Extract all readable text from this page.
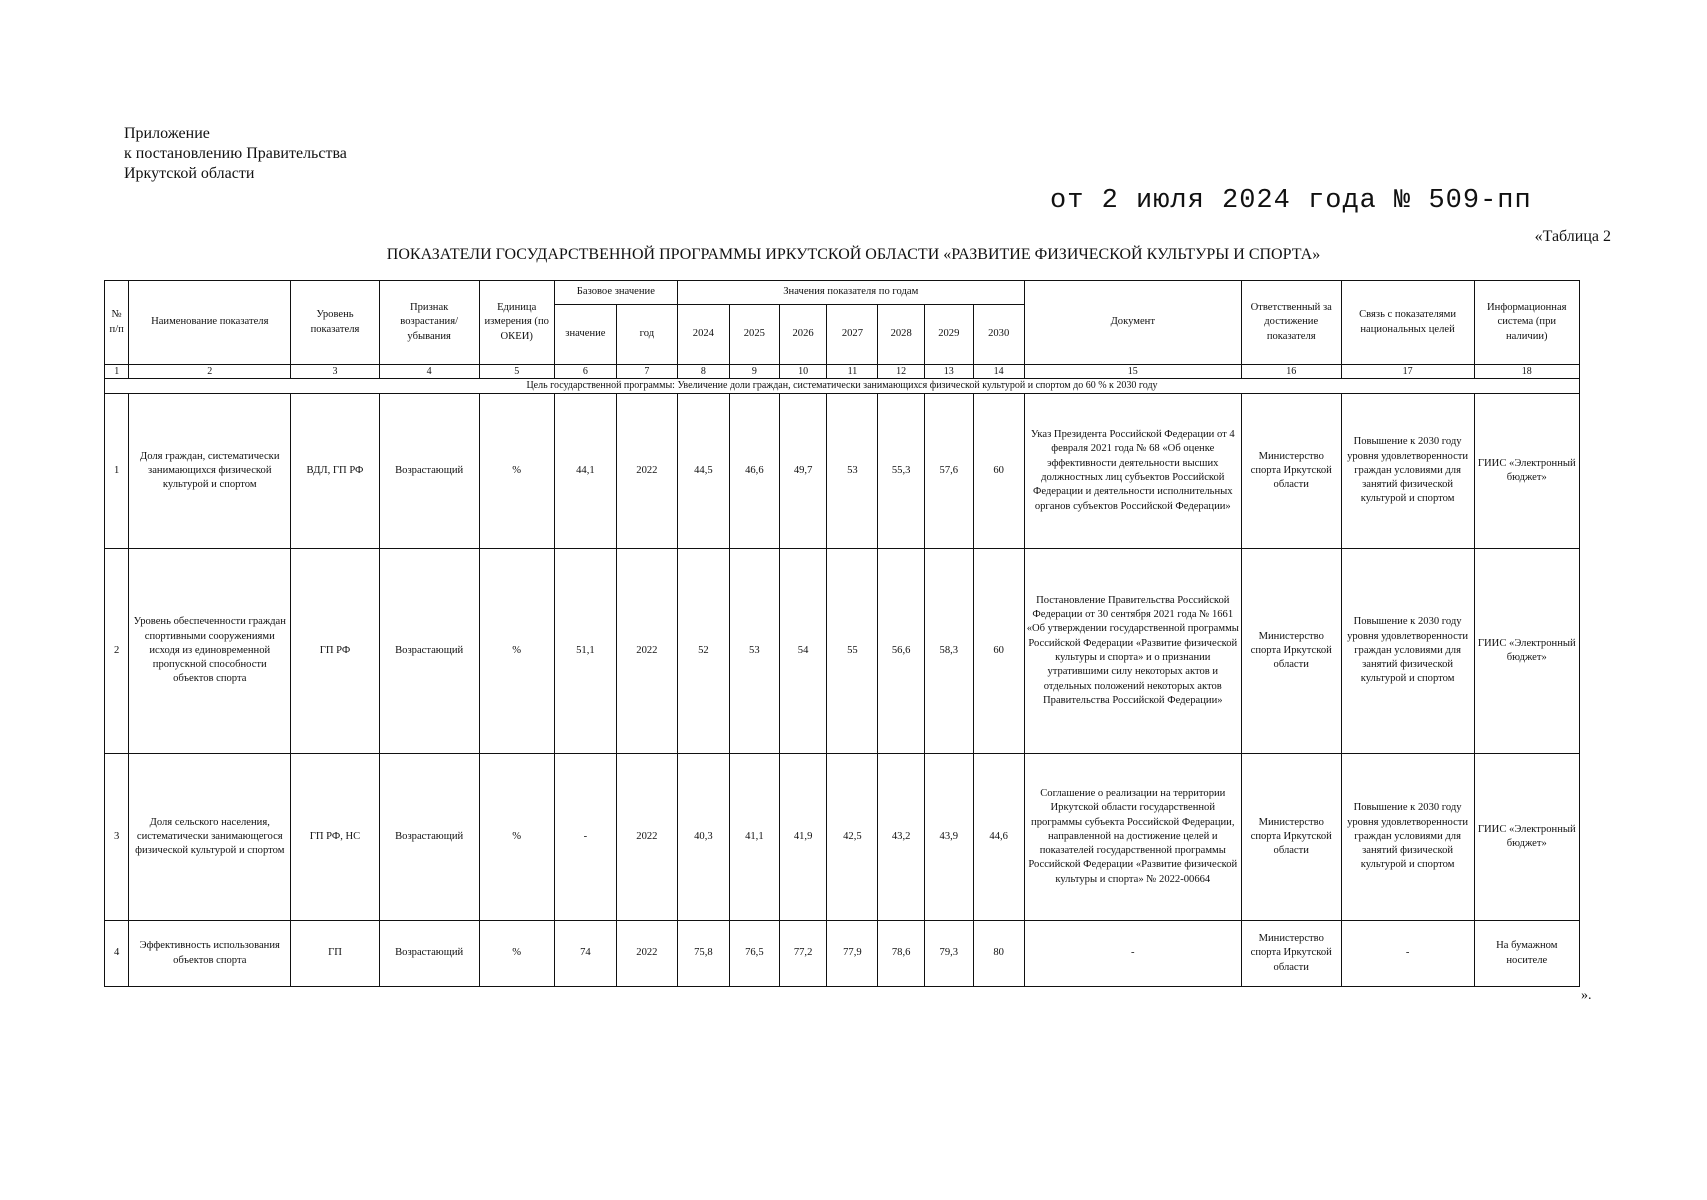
Приложение
к постановлению Правительства
Иркутской области
от 2 июля 2024 года № 509-пп
«Таблица 2
ПОКАЗАТЕЛИ ГОСУДАРСТВЕННОЙ ПРОГРАММЫ ИРКУТСКОЙ ОБЛАСТИ «РАЗВИТИЕ ФИЗИЧЕСКОЙ КУЛЬТУРЫ И СПОРТА»
№ п/п	Наименование показателя	Уровень показателя	Признак возрастания/ убывания	Единица измерения (по ОКЕИ)	Базовое значение		Значения показателя по годам							Документ	Ответственный за достижение показателя	Связь с показателями национальных целей	Информационная система (при наличии)
					значение	год	2024	2025	2026	2027	2028	2029	2030				
1	2	3	4	5	6	7	8	9	10	11	12	13	14	15	16	17	18
Цель государственной программы: Увеличение доли граждан, систематически занимающихся физической культурой и спортом до 60 % к 2030 году																	
1	Доля граждан, систематически занимающихся физической культурой и спортом	ВДЛ, ГП РФ	Возрастающий	%	44,1	2022	44,5	46,6	49,7	53	55,3	57,6	60	Указ Президента Российской Федерации от 4 февраля 2021 года № 68 «Об оценке эффективности деятельности высших должностных лиц субъектов Российской Федерации и деятельности исполнительных органов субъектов Российской Федерации»	Министерство спорта Иркутской области	Повышение к 2030 году уровня удовлетворенности граждан условиями для занятий физической культурой и спортом	ГИИС «Электронный бюджет»
2	Уровень обеспеченности граждан спортивными сооружениями исходя из единовременной пропускной способности объектов спорта	ГП РФ	Возрастающий	%	51,1	2022	52	53	54	55	56,6	58,3	60	Постановление Правительства Российской Федерации от 30 сентября 2021 года № 1661 «Об утверждении государственной программы Российской Федерации «Развитие физической культуры и спорта» и о признании утратившими силу некоторых актов и отдельных положений некоторых актов Правительства Российской Федерации»	Министерство спорта Иркутской области	Повышение к 2030 году уровня удовлетворенности граждан условиями для занятий физической культурой и спортом	ГИИС «Электронный бюджет»
3	Доля сельского населения, систематически занимающегося физической культурой и спортом	ГП РФ, НС	Возрастающий	%	-	2022	40,3	41,1	41,9	42,5	43,2	43,9	44,6	Соглашение о реализации на территории Иркутской области государственной программы субъекта Российской Федерации, направленной на достижение целей и показателей государственной программы Российской Федерации «Развитие физической культуры и спорта» № 2022-00664	Министерство спорта Иркутской области	Повышение к 2030 году уровня удовлетворенности граждан условиями для занятий физической культурой и спортом	ГИИС «Электронный бюджет»
4	Эффективность использования объектов спорта	ГП	Возрастающий	%	74	2022	75,8	76,5	77,2	77,9	78,6	79,3	80	-	Министерство спорта Иркутской области	-	На бумажном носителе
».
